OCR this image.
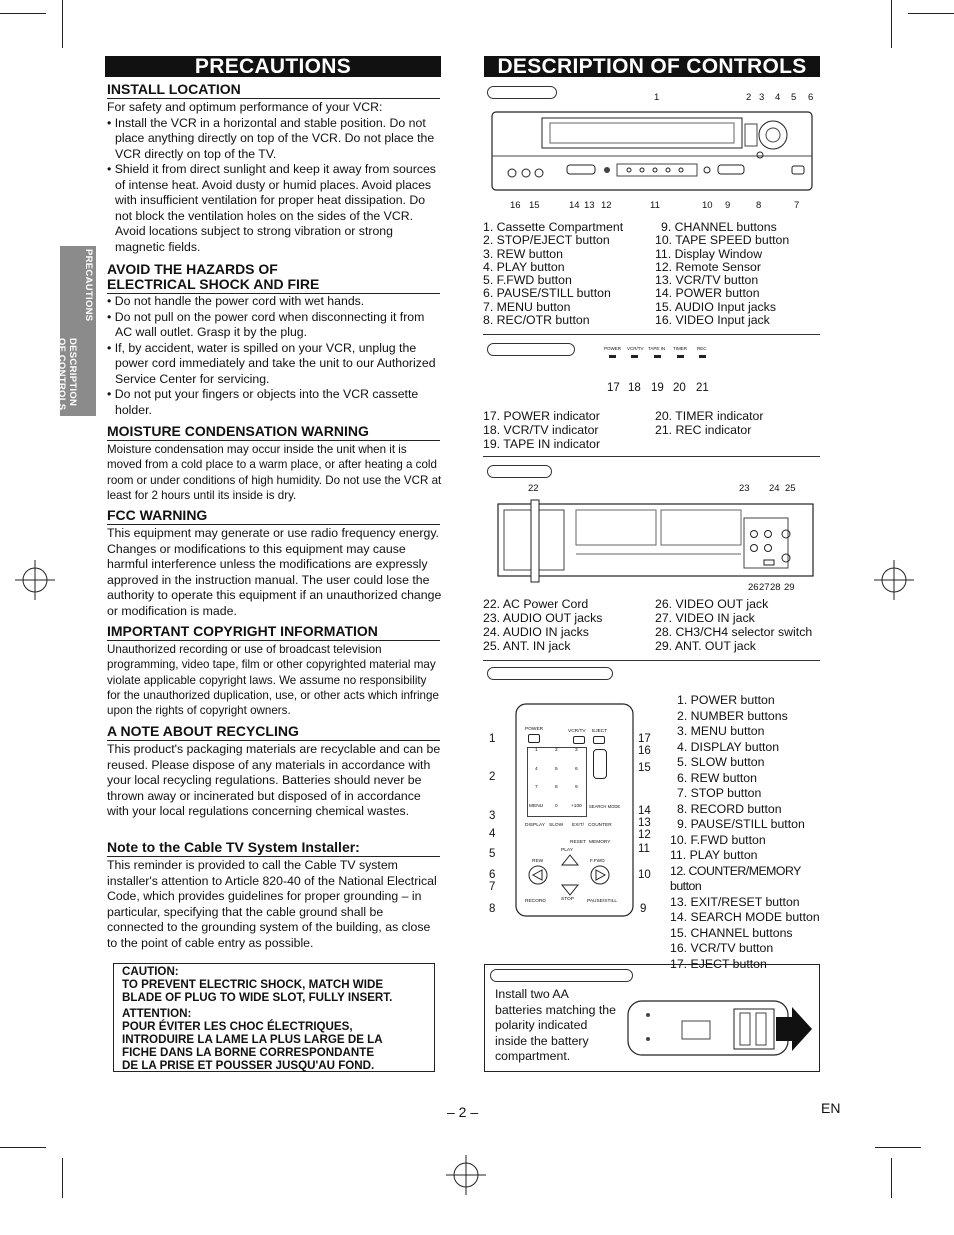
PRECAUTIONS
INSTALL LOCATION

For safety and optimum performance of your VCR:

• Install the VCR in a horizontal and stable position. Do not place anything directly on top of the VCR. Do not place the VCR directly on top of the TV.

• Shield it from direct sunlight and keep it away from sources of intense heat. Avoid dusty or humid places. Avoid places with insufficient ventilation for proper heat dissipation. Do not block the ventilation holes on the sides of the VCR. Avoid locations subject to strong vibration or strong magnetic fields.

AVOID THE HAZARDS OF
ELECTRICAL SHOCK AND FIRE

• Do not handle the power cord with wet hands.

• Do not pull on the power cord when disconnecting it from AC wall outlet. Grasp it by the plug.

• If, by accident, water is spilled on your VCR, unplug the power cord immediately and take the unit to our Authorized Service Center for servicing.

• Do not put your fingers or objects into the VCR cassette holder.

MOISTURE CONDENSATION WARNING
Moisture condensation may occur inside the unit when it is moved from a cold place to a warm place, or after heating a cold room or under conditions of high humidity. Do not use the VCR at least for 2 hours until its inside is dry.
FCC WARNING
This equipment may generate or use radio frequency energy. Changes or modifications to this equipment may cause harmful interference unless the modifications are expressly approved in the instruction manual. The user could lose the authority to operate this equipment if an unauthorized change or modification is made.
IMPORTANT COPYRIGHT INFORMATION
Unauthorized recording or use of broadcast television programming, video tape, film or other copyrighted material may violate applicable copyright laws. We assume no responsibility for the unauthorized duplication, use, or other acts which infringe upon the rights of copyright owners.
A NOTE ABOUT RECYCLING
This product's packaging materials are recyclable and can be reused. Please dispose of any materials in accordance with your local recycling regulations. Batteries should never be thrown away or incinerated but disposed of in accordance with your local regulations concerning chemical wastes.
Note to the Cable TV System Installer:
This reminder is provided to call the Cable TV system installer's attention to Article 820-40 of the National Electrical Code, which provides guidelines for proper grounding – in particular, specifying that the cable ground shall be connected to the grounding system of the building, as close to the point of cable entry as possible.
CAUTION:
TO PREVENT ELECTRIC SHOCK, MATCH WIDE
BLADE OF PLUG TO WIDE SLOT, FULLY INSERT.
ATTENTION:
POUR ÉVITER LES CHOC ÉLECTRIQUES,
INTRODUIRE LA LAME LA PLUS LARGE DE LA
FICHE DANS LA BORNE CORRESPONDANTE
DE LA PRISE ET POUSSER JUSQU'AU FOND.
PRECAUTIONS
DESCRIPTION OF CONTROLS
DESCRIPTION OF CONTROLS
1	2 3 4 5 6
16 15	14 13 12	11	10 9	8	7
1. Cassette Compartment
2. STOP/EJECT button
3. REW button
4. PLAY button
5. F.FWD button
6. PAUSE/STILL button
7. MENU button
8. REC/OTR button
9. CHANNEL buttons
10. TAPE SPEED button
11. Display Window
12. Remote Sensor
13. VCR/TV button
14. POWER button
15. AUDIO Input jacks
16. VIDEO Input jack
POWER VCR/TV TAPE IN TIMER REC
17 18 19 20 21
17. POWER indicator
18. VCR/TV indicator
19. TAPE IN indicator
20. TIMER indicator
21. REC indicator
22	23 24 25
26 27 28 29
22. AC Power Cord
23. AUDIO OUT jacks
24. AUDIO IN jacks
25. ANT. IN jack
26. VIDEO OUT jack
27. VIDEO IN jack
28. CH3/CH4 selector switch
29. ANT. OUT jack
POWER	VCR/TV EJECT
1	2	3
4	5	6
7	8	9
MENU 0	+100 SEARCH MODE
DISPLAY SLOW EXIT/ COUNTER
RESET MEMORY
PLAY
REW	F.FWD
RECORD	STOP	PAUSE/STILL
1
2
3
4
5
6
7
8
17
16
15
14
13
12
11
10
9
1. POWER button
2. NUMBER buttons
3. MENU button
4. DISPLAY button
5. SLOW button
6. REW button
7. STOP button
8. RECORD button
9. PAUSE/STILL button
10. F.FWD button
11. PLAY button
12. COUNTER/MEMORY button
13. EXIT/RESET button
14. SEARCH MODE button
15. CHANNEL buttons
16. VCR/TV button
17. EJECT button
Install two AA batteries matching the polarity indicated inside the battery compartment.
– 2 –	EN
